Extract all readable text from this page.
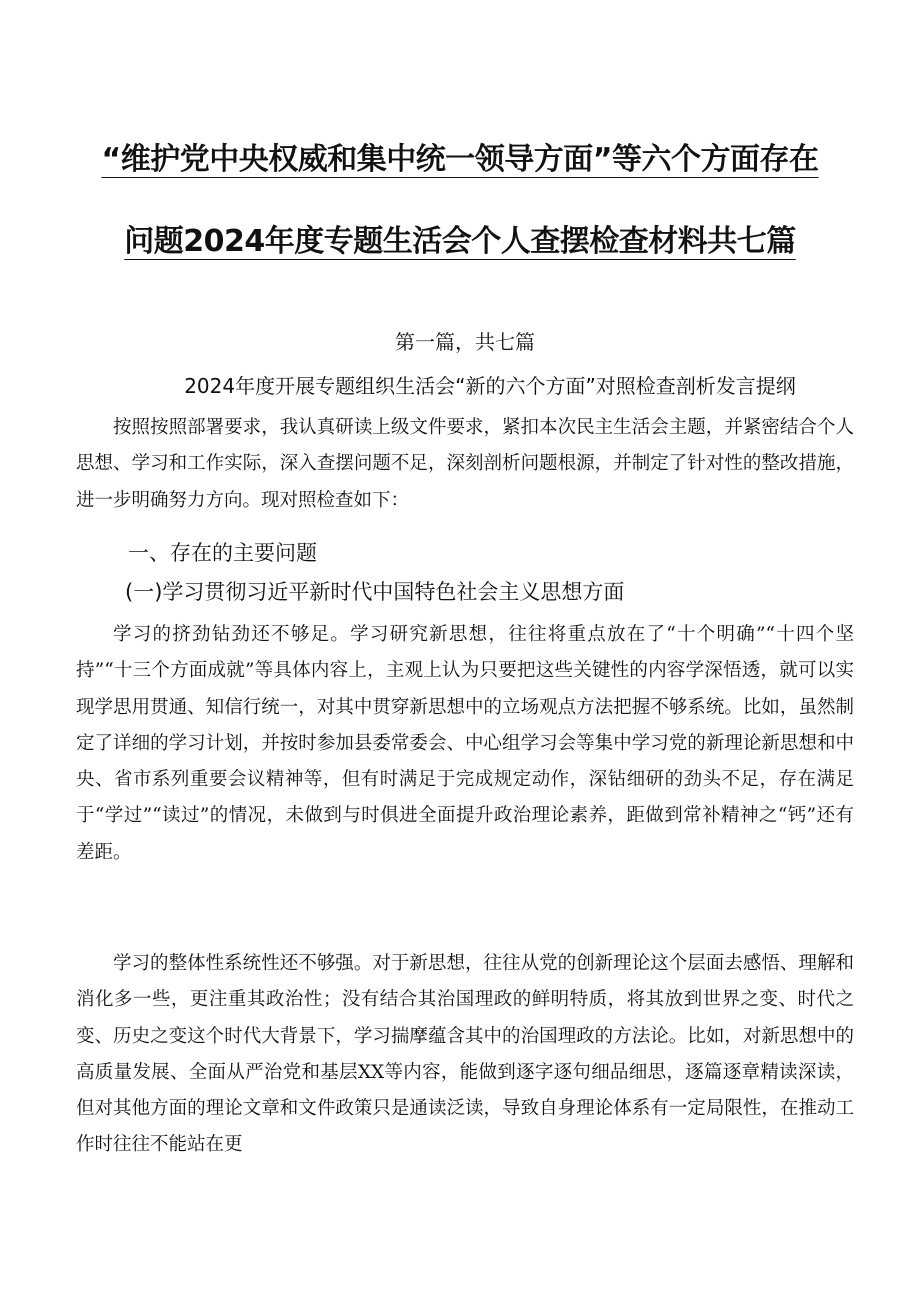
“维护党中央权威和集中统一领导方面”等六个方面存在
问题2024年度专题生活会个人查摆检查材料共七篇
第一篇，共七篇
2024年度开展专题组织生活会“新的六个方面”对照检查剖析发言提纲

按照按照部署要求，我认真研读上级文件要求，紧扣本次民主生活会主题，并紧密结合个人思想、学习和工作实际，深入查摆问题不足，深刻剖析问题根源，并制定了针对性的整改措施，进一步明确努力方向。现对照检查如下：

一、存在的主要问题
(一)学习贯彻习近平新时代中国特色社会主义思想方面

学习的挤劲钻劲还不够足。学习研究新思想，往往将重点放在了“十个明确”“十四个坚持”“十三个方面成就”等具体内容上，主观上认为只要把这些关键性的内容学深悟透，就可以实现学思用贯通、知信行统一，对其中贯穿新思想中的立场观点方法把握不够系统。比如，虽然制定了详细的学习计划，并按时参加县委常委会、中心组学习会等集中学习党的新理论新思想和中央、省市系列重要会议精神等，但有时满足于完成规定动作，深钻细研的劲头不足，存在满足于“学过”“读过”的情况，未做到与时俱进全面提升政治理论素养，距做到常补精神之“钙”还有差距。

学习的整体性系统性还不够强。对于新思想，往往从党的创新理论这个层面去感悟、理解和消化多一些，更注重其政治性；没有结合其治国理政的鲜明特质，将其放到世界之变、时代之变、历史之变这个时代大背景下，学习揣摩蕴含其中的治国理政的方法论。比如，对新思想中的高质量发展、全面从严治党和基层XX等内容，能做到逐字逐句细品细思，逐篇逐章精读深读，但对其他方面的理论文章和文件政策只是通读泛读，导致自身理论体系有一定局限性，在推动工作时往往不能站在更
